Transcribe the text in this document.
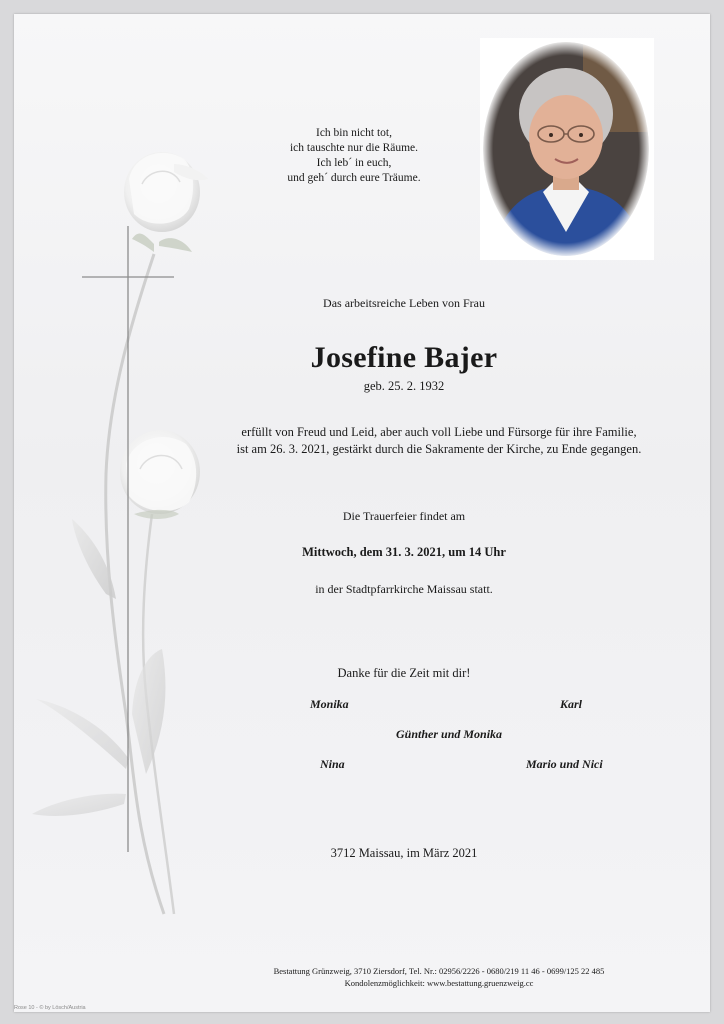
Ich bin nicht tot,
ich tauschte nur die Räume.
Ich leb´ in euch,
und geh´ durch eure Träume.
Das arbeitsreiche Leben von Frau
Josefine Bajer
geb. 25. 2. 1932
erfüllt von Freud und Leid, aber auch voll Liebe und Fürsorge für ihre Familie,
ist am 26. 3. 2021, gestärkt durch die Sakramente der Kirche, zu Ende gegangen.
Die Trauerfeier findet am
Mittwoch, dem 31. 3. 2021, um 14 Uhr
in der Stadtpfarrkirche Maissau statt.
Danke für die Zeit mit dir!
Monika	Karl
Günther und Monika
Nina	Mario und Nici
3712 Maissau, im März 2021
Bestattung Grünzweig, 3710 Ziersdorf, Tel. Nr.: 02956/2226 - 0680/219 11 46 - 0699/125 22 485
Kondolenzmöglichkeit: www.bestattung.gruenzweig.cc
Rose 10 - © by Lösch/Austria
